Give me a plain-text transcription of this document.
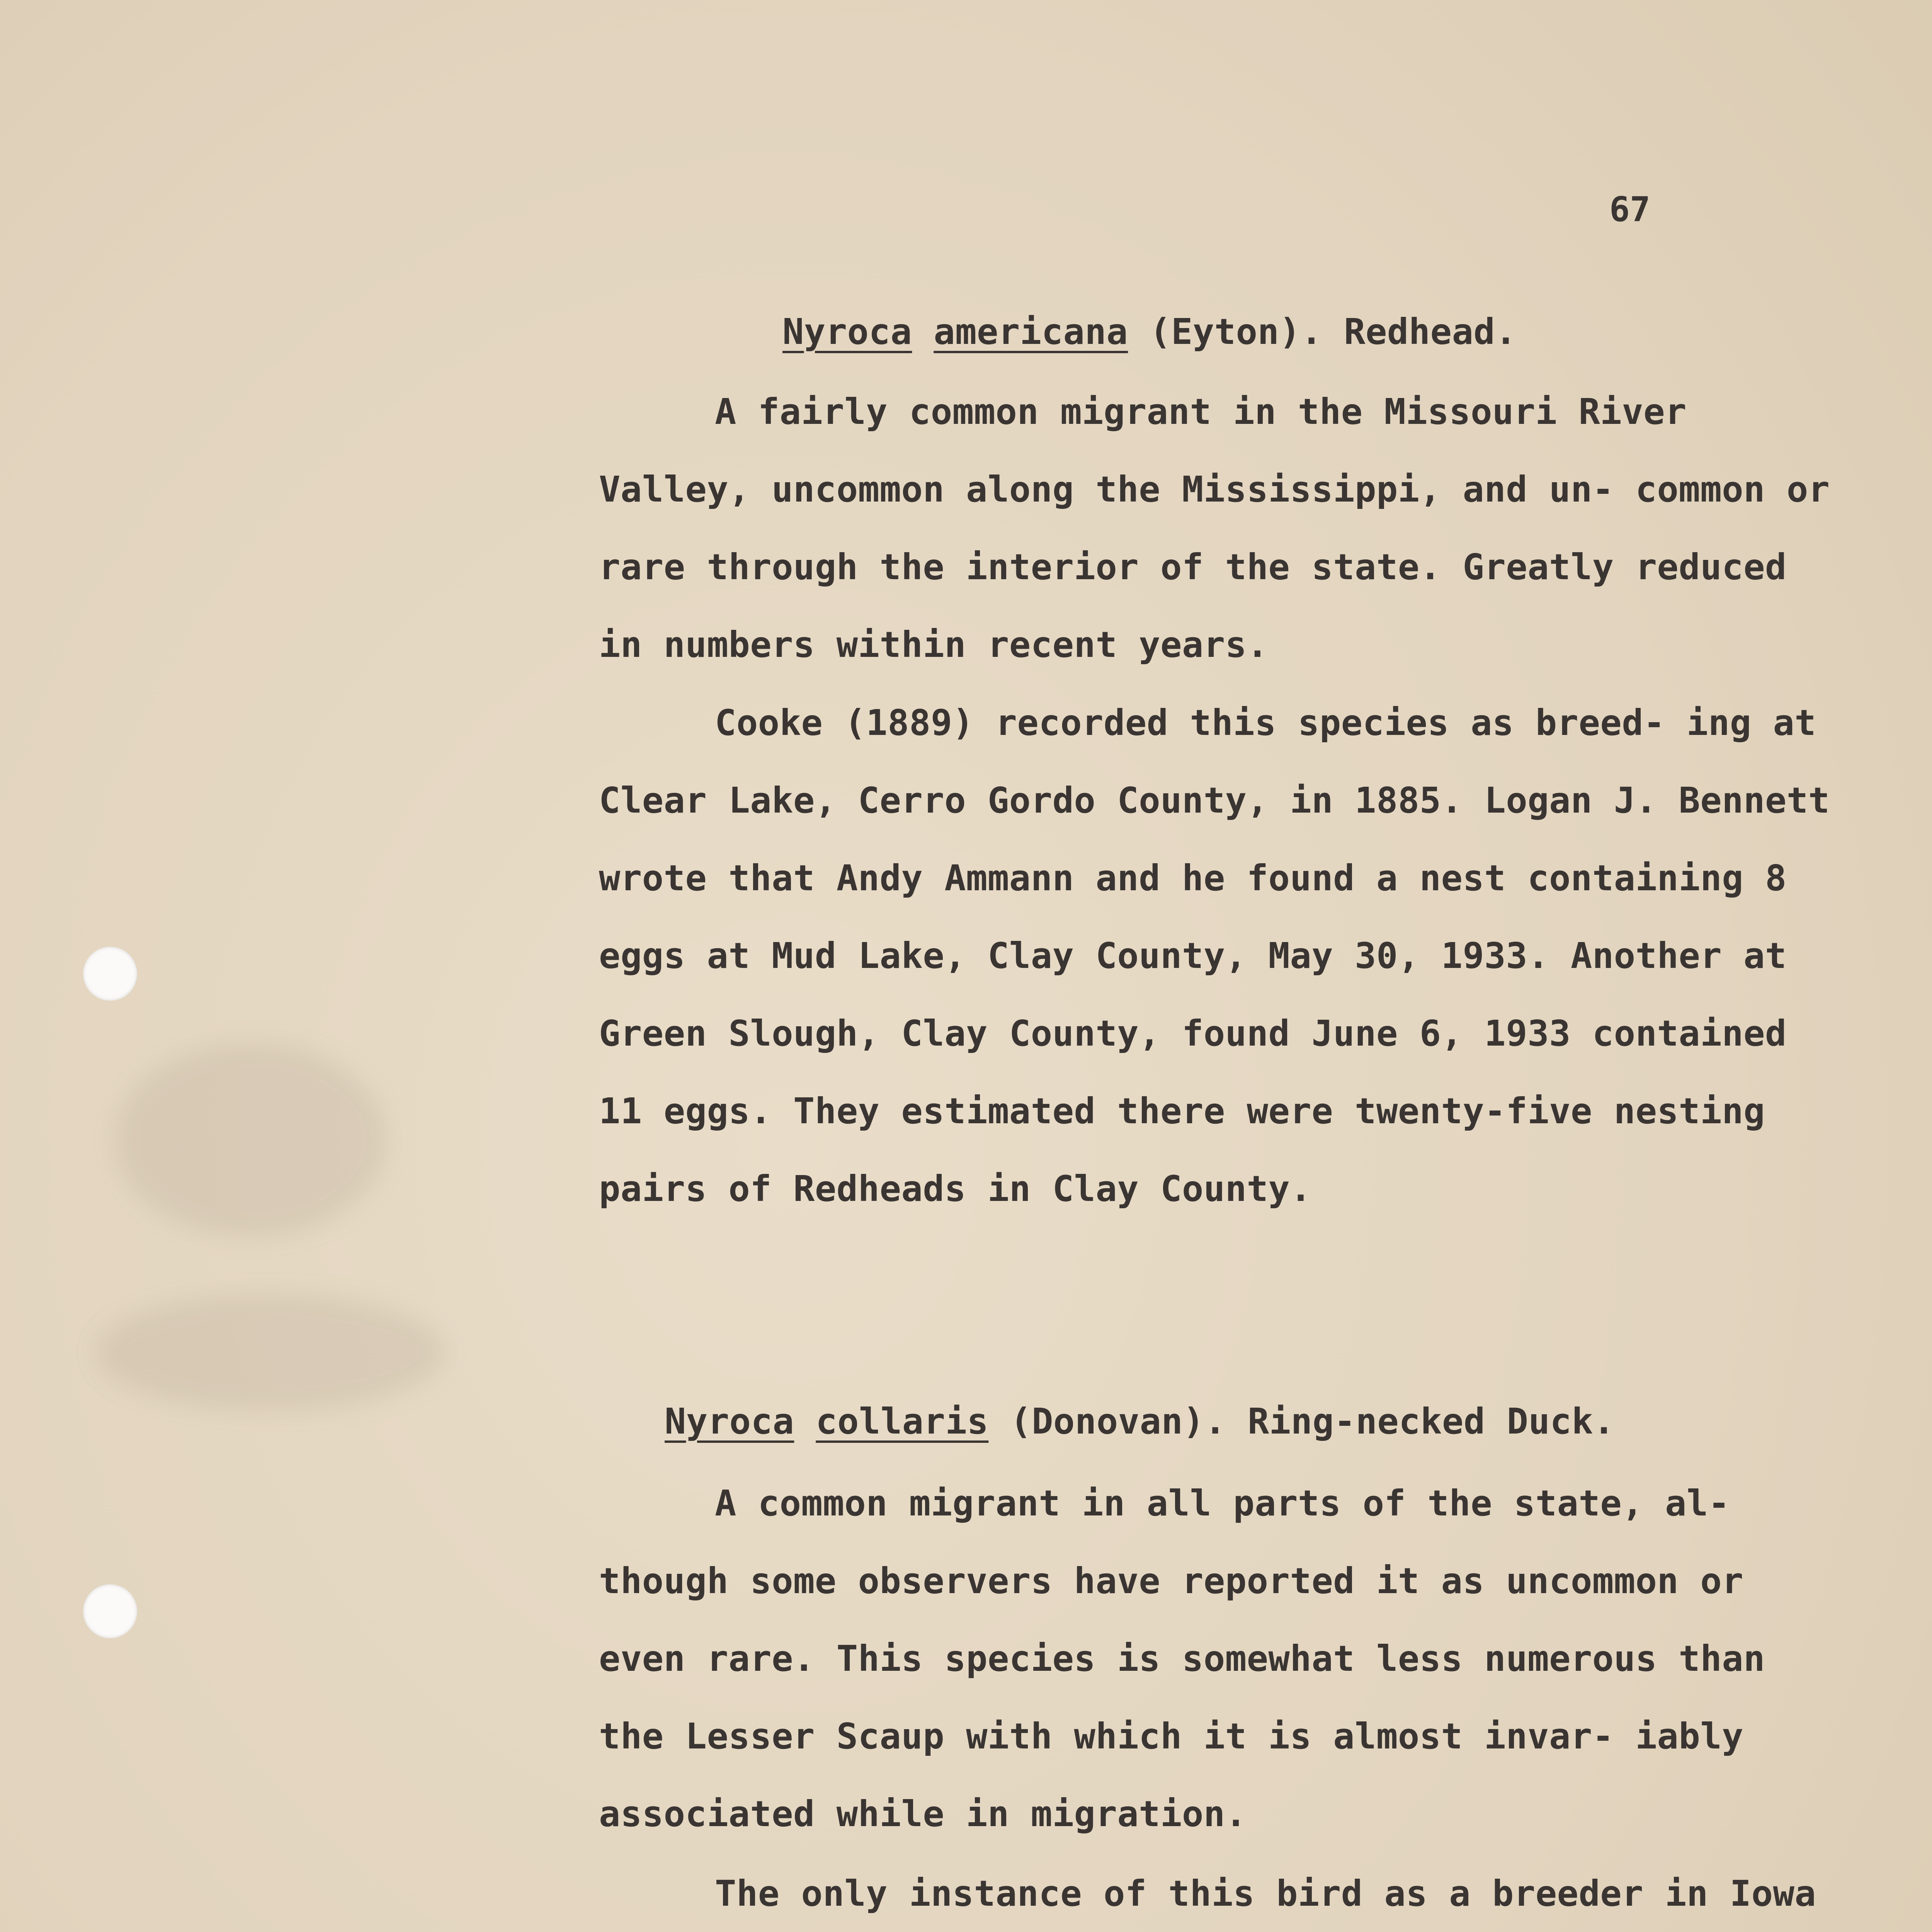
67
Nyroca americana (Eyton). Redhead.

A fairly common migrant in the Missouri River Valley, uncommon along the Mississippi, and un- common or rare through the interior of the state. Greatly reduced in numbers within recent years.

Cooke (1889) recorded this species as breed- ing at Clear Lake, Cerro Gordo County, in 1885. Logan J. Bennett wrote that Andy Ammann and he found a nest containing 8 eggs at Mud Lake, Clay County, May 30, 1933. Another at Green Slough, Clay County, found June 6, 1933 contained 11 eggs. They estimated there were twenty-five nesting pairs of Redheads in Clay County.

Nyroca collaris (Donovan). Ring-necked Duck.

A common migrant in all parts of the state, al- though some observers have reported it as uncommon or even rare. This species is somewhat less numerous than the Lesser Scaup with which it is almost invar- iably associated while in migration.

The only instance of this bird as a breeder in Iowa
